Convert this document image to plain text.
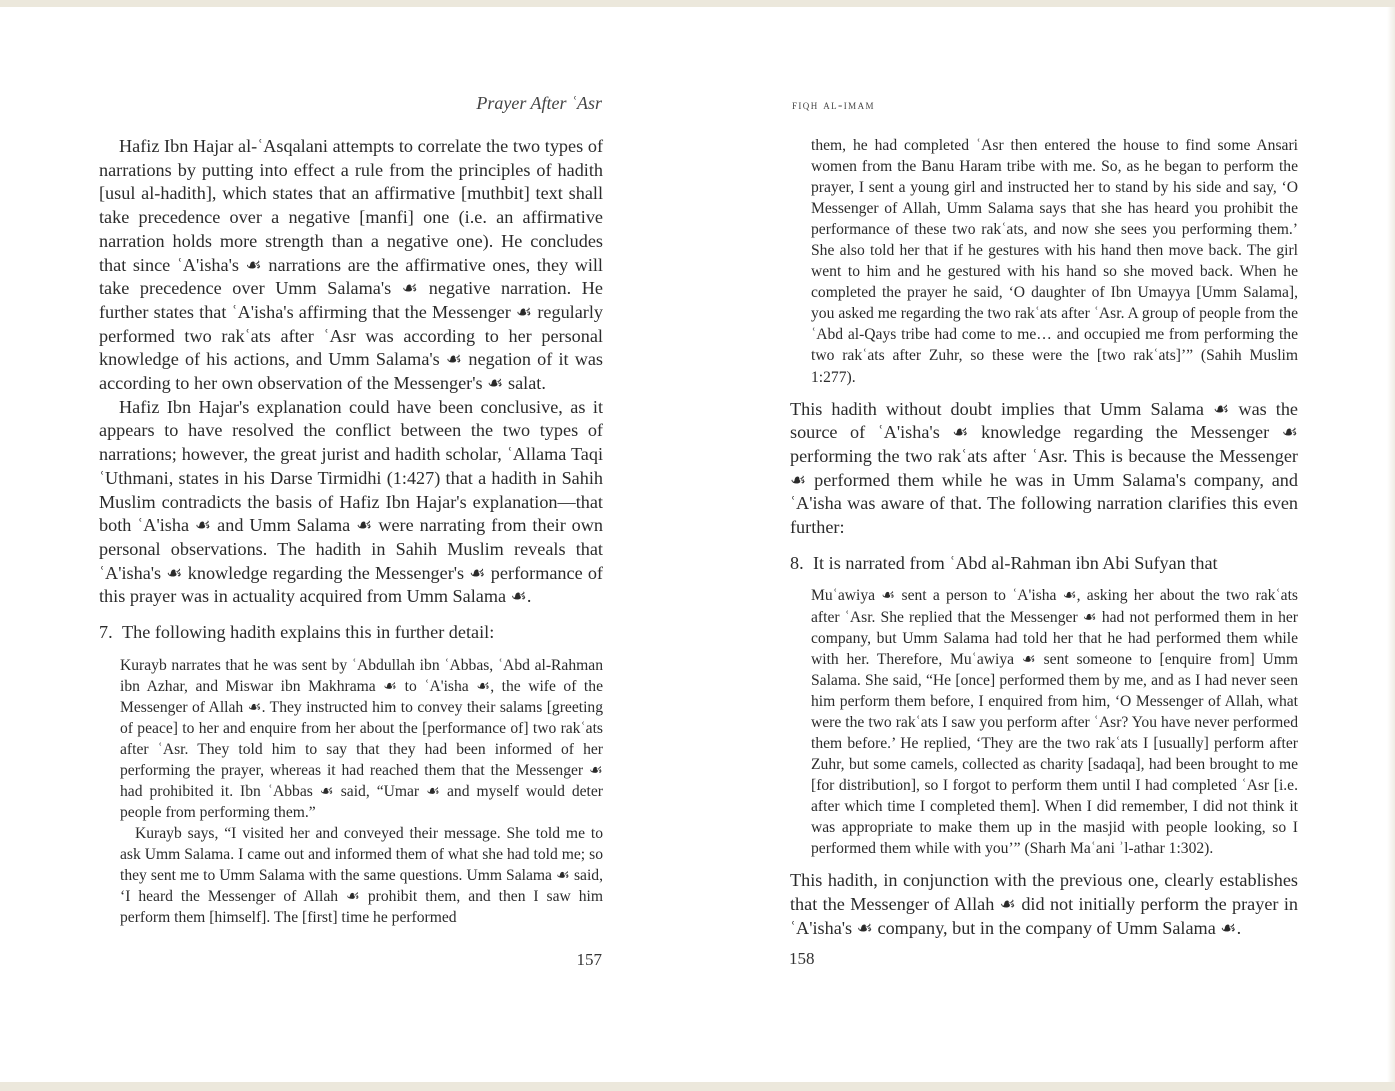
Prayer After ʿAsr

Hafiz Ibn Hajar al-ʿAsqalani attempts to correlate the two types of narrations by putting into effect a rule from the principles of hadith [usul al-hadith], which states that an affirmative [muthbit] text shall take precedence over a negative [manfi] one (i.e. an affirmative narration holds more strength than a negative one). He concludes that since ʿA'isha's ☙ narrations are the affirmative ones, they will take precedence over Umm Salama's ☙ negative narration. He further states that ʿA'isha's affirming that the Messenger ☙ regularly performed two rakʿats after ʿAsr was according to her personal knowledge of his actions, and Umm Salama's ☙ negation of it was according to her own observation of the Messenger's ☙ salat.

Hafiz Ibn Hajar's explanation could have been conclusive, as it appears to have resolved the conflict between the two types of narrations; however, the great jurist and hadith scholar, ʿAllama Taqi ʿUthmani, states in his Darse Tirmidhi (1:427) that a hadith in Sahih Muslim contradicts the basis of Hafiz Ibn Hajar's explanation—that both ʿA'isha ☙ and Umm Salama ☙ were narrating from their own personal observations. The hadith in Sahih Muslim reveals that ʿA'isha's ☙ knowledge regarding the Messenger's ☙ performance of this prayer was in actuality acquired from Umm Salama ☙.

7. The following hadith explains this in further detail:

Kurayb narrates that he was sent by ʿAbdullah ibn ʿAbbas, ʿAbd al-Rahman ibn Azhar, and Miswar ibn Makhrama ☙ to ʿA'isha ☙, the wife of the Messenger of Allah ☙. They instructed him to convey their salams [greeting of peace] to her and enquire from her about the [performance of] two rakʿats after ʿAsr. They told him to say that they had been informed of her performing the prayer, whereas it had reached them that the Messenger ☙ had prohibited it. Ibn ʿAbbas ☙ said, “Umar ☙ and myself would deter people from performing them.”

Kurayb says, “I visited her and conveyed their message. She told me to ask Umm Salama. I came out and informed them of what she had told me; so they sent me to Umm Salama with the same questions. Umm Salama ☙ said, ‘I heard the Messenger of Allah ☙ prohibit them, and then I saw him perform them [himself]. The [first] time he performed

157
fiqh al-imam

them, he had completed ʿAsr then entered the house to find some Ansari women from the Banu Haram tribe with me. So, as he began to perform the prayer, I sent a young girl and instructed her to stand by his side and say, ‘O Messenger of Allah, Umm Salama says that she has heard you prohibit the performance of these two rakʿats, and now she sees you performing them.’ She also told her that if he gestures with his hand then move back. The girl went to him and he gestured with his hand so she moved back. When he completed the prayer he said, ‘O daughter of Ibn Umayya [Umm Salama], you asked me regarding the two rakʿats after ʿAsr. A group of people from the ʿAbd al-Qays tribe had come to me… and occupied me from performing the two rakʿats after Zuhr, so these were the [two rakʿats]’” (Sahih Muslim 1:277).

This hadith without doubt implies that Umm Salama ☙ was the source of ʿA'isha's ☙ knowledge regarding the Messenger ☙ performing the two rakʿats after ʿAsr. This is because the Messenger ☙ performed them while he was in Umm Salama's company, and ʿA'isha was aware of that. The following narration clarifies this even further:

8. It is narrated from ʿAbd al-Rahman ibn Abi Sufyan that

Muʿawiya ☙ sent a person to ʿA'isha ☙, asking her about the two rakʿats after ʿAsr. She replied that the Messenger ☙ had not performed them in her company, but Umm Salama had told her that he had performed them while with her. Therefore, Muʿawiya ☙ sent someone to [enquire from] Umm Salama. She said, “He [once] performed them by me, and as I had never seen him perform them before, I enquired from him, ‘O Messenger of Allah, what were the two rakʿats I saw you perform after ʿAsr? You have never performed them before.’ He replied, ‘They are the two rakʿats I [usually] perform after Zuhr, but some camels, collected as charity [sadaqa], had been brought to me [for distribution], so I forgot to perform them until I had completed ʿAsr [i.e. after which time I completed them]. When I did remember, I did not think it was appropriate to make them up in the masjid with people looking, so I performed them while with you’” (Sharh Maʿani ʾl-athar 1:302).

This hadith, in conjunction with the previous one, clearly establishes that the Messenger of Allah ☙ did not initially perform the prayer in ʿA'isha's ☙ company, but in the company of Umm Salama ☙.

158
